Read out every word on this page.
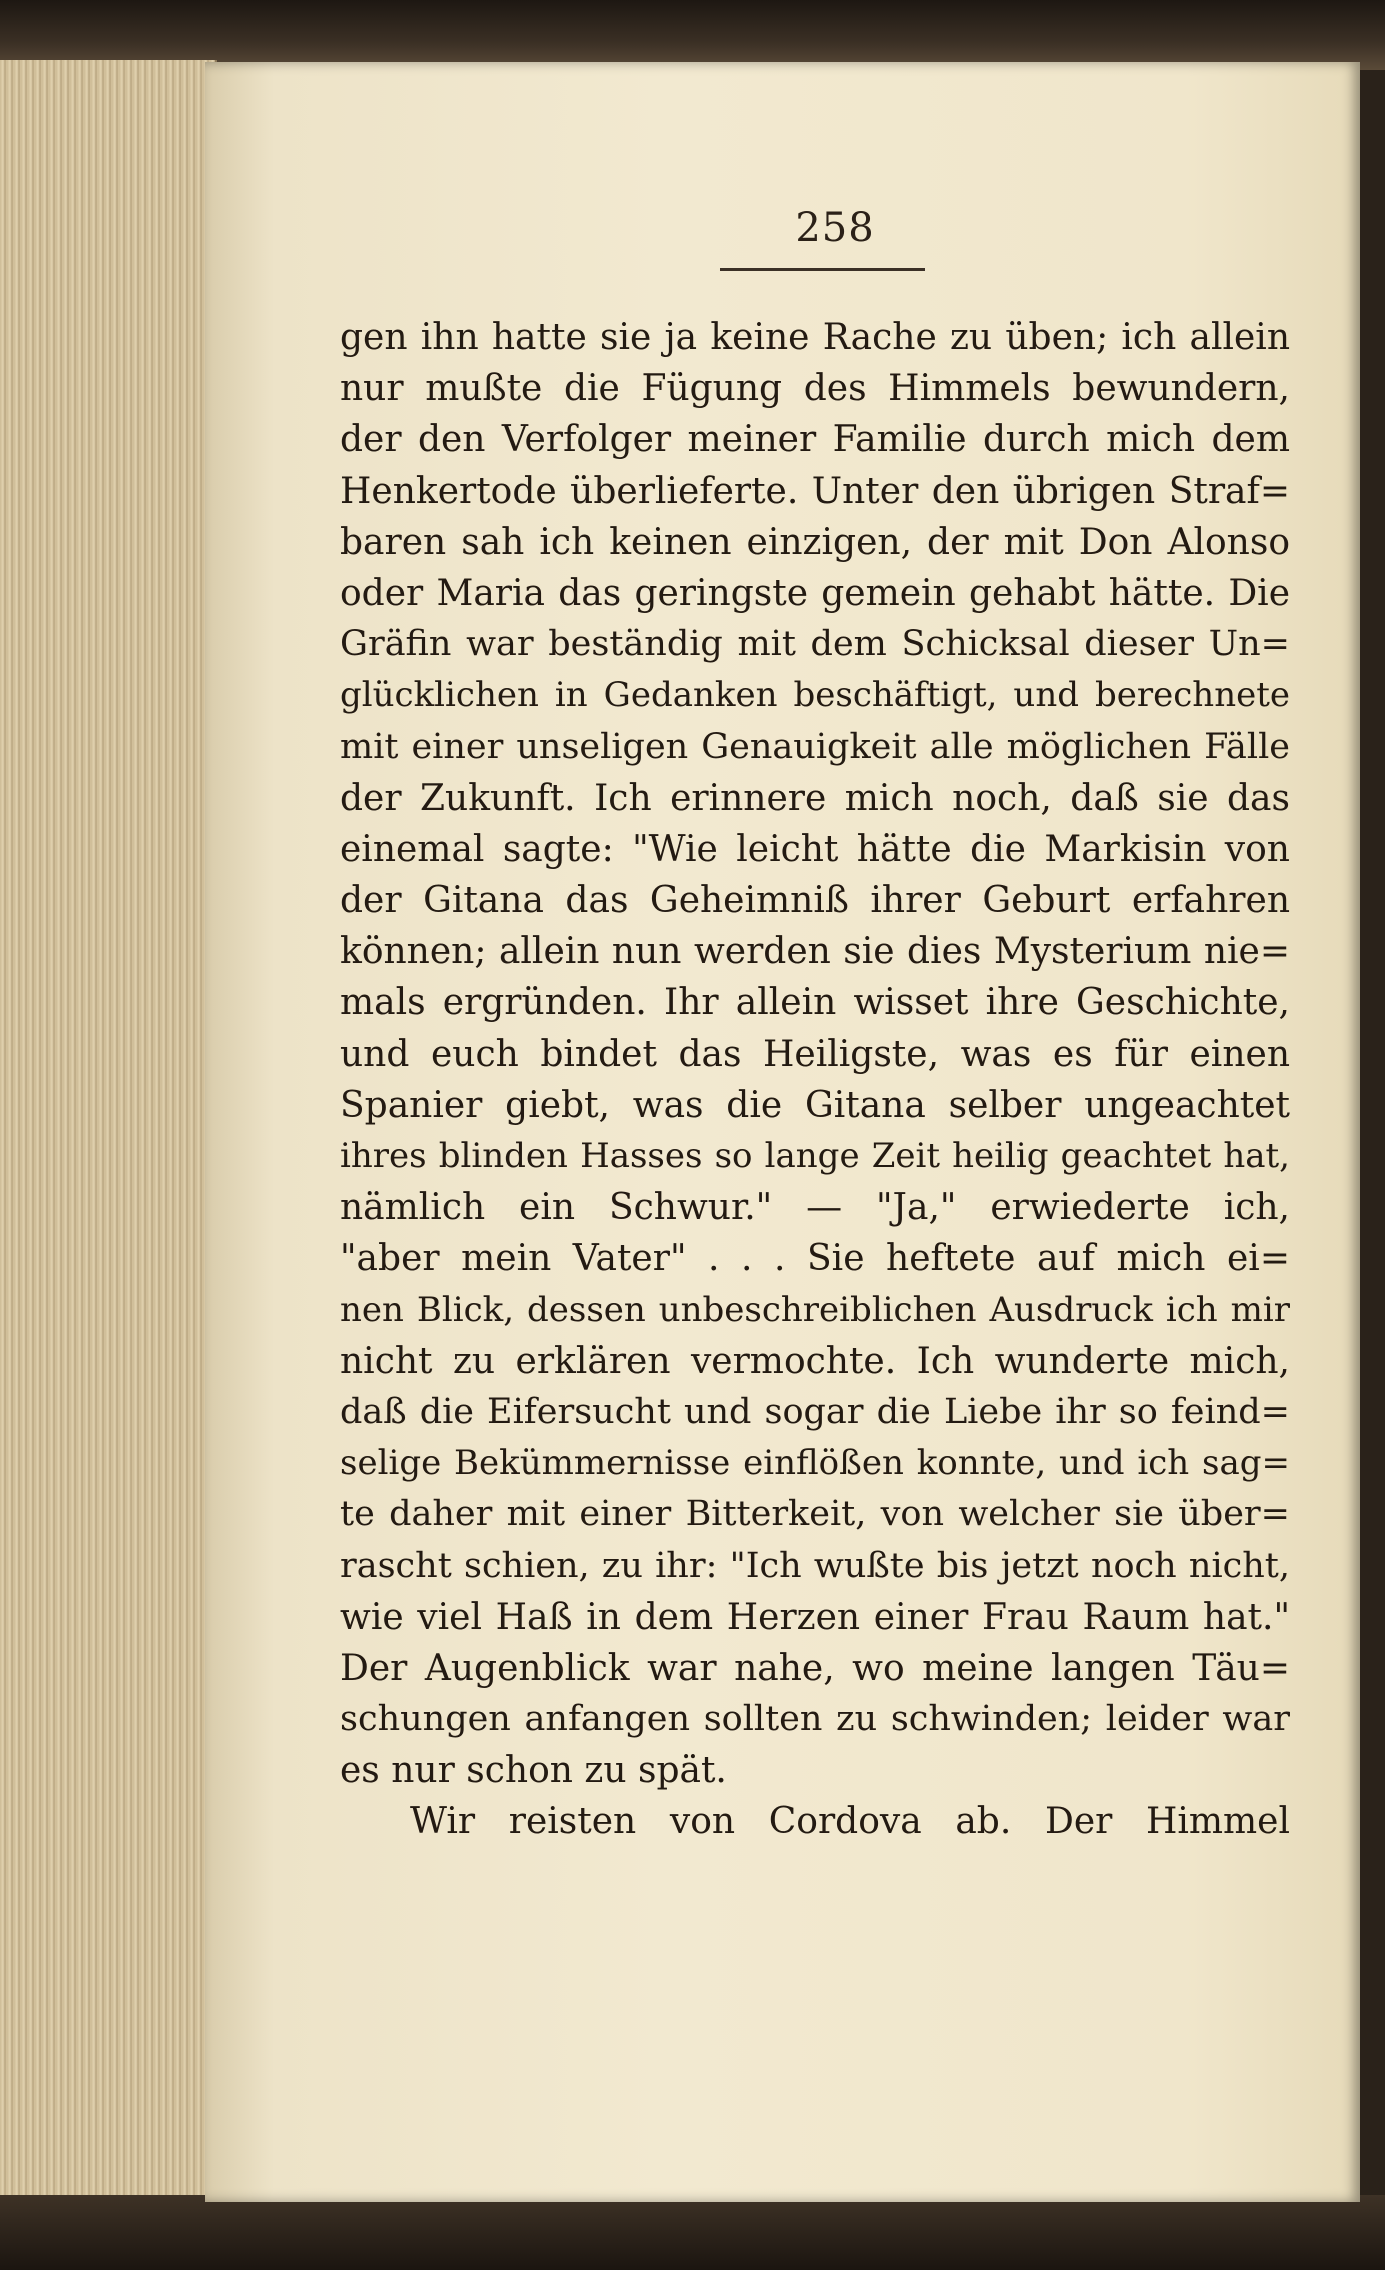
258
gen ihn hatte sie ja keine Rache zu üben; ich allein
nur mußte die Fügung des Himmels bewundern,
der den Verfolger meiner Familie durch mich dem
Henkertode überlieferte. Unter den übrigen Straf=
baren sah ich keinen einzigen, der mit Don Alonso
oder Maria das geringste gemein gehabt hätte. Die
Gräfin war beständig mit dem Schicksal dieser Un=
glücklichen in Gedanken beschäftigt, und berechnete
mit einer unseligen Genauigkeit alle möglichen Fälle
der Zukunft. Ich erinnere mich noch, daß sie das
einemal sagte: "Wie leicht hätte die Markisin von
der Gitana das Geheimniß ihrer Geburt erfahren
können; allein nun werden sie dies Mysterium nie=
mals ergründen. Ihr allein wisset ihre Geschichte,
und euch bindet das Heiligste, was es für einen
Spanier giebt, was die Gitana selber ungeachtet
ihres blinden Hasses so lange Zeit heilig geachtet hat,
nämlich ein Schwur." — "Ja," erwiederte ich,
"aber mein Vater" . . . Sie heftete auf mich ei=
nen Blick, dessen unbeschreiblichen Ausdruck ich mir
nicht zu erklären vermochte. Ich wunderte mich,
daß die Eifersucht und sogar die Liebe ihr so feind=
selige Bekümmernisse einflößen konnte, und ich sag=
te daher mit einer Bitterkeit, von welcher sie über=
rascht schien, zu ihr: "Ich wußte bis jetzt noch nicht,
wie viel Haß in dem Herzen einer Frau Raum hat."
Der Augenblick war nahe, wo meine langen Täu=
schungen anfangen sollten zu schwinden; leider war
es nur schon zu spät.
Wir reisten von Cordova ab. Der Himmel
